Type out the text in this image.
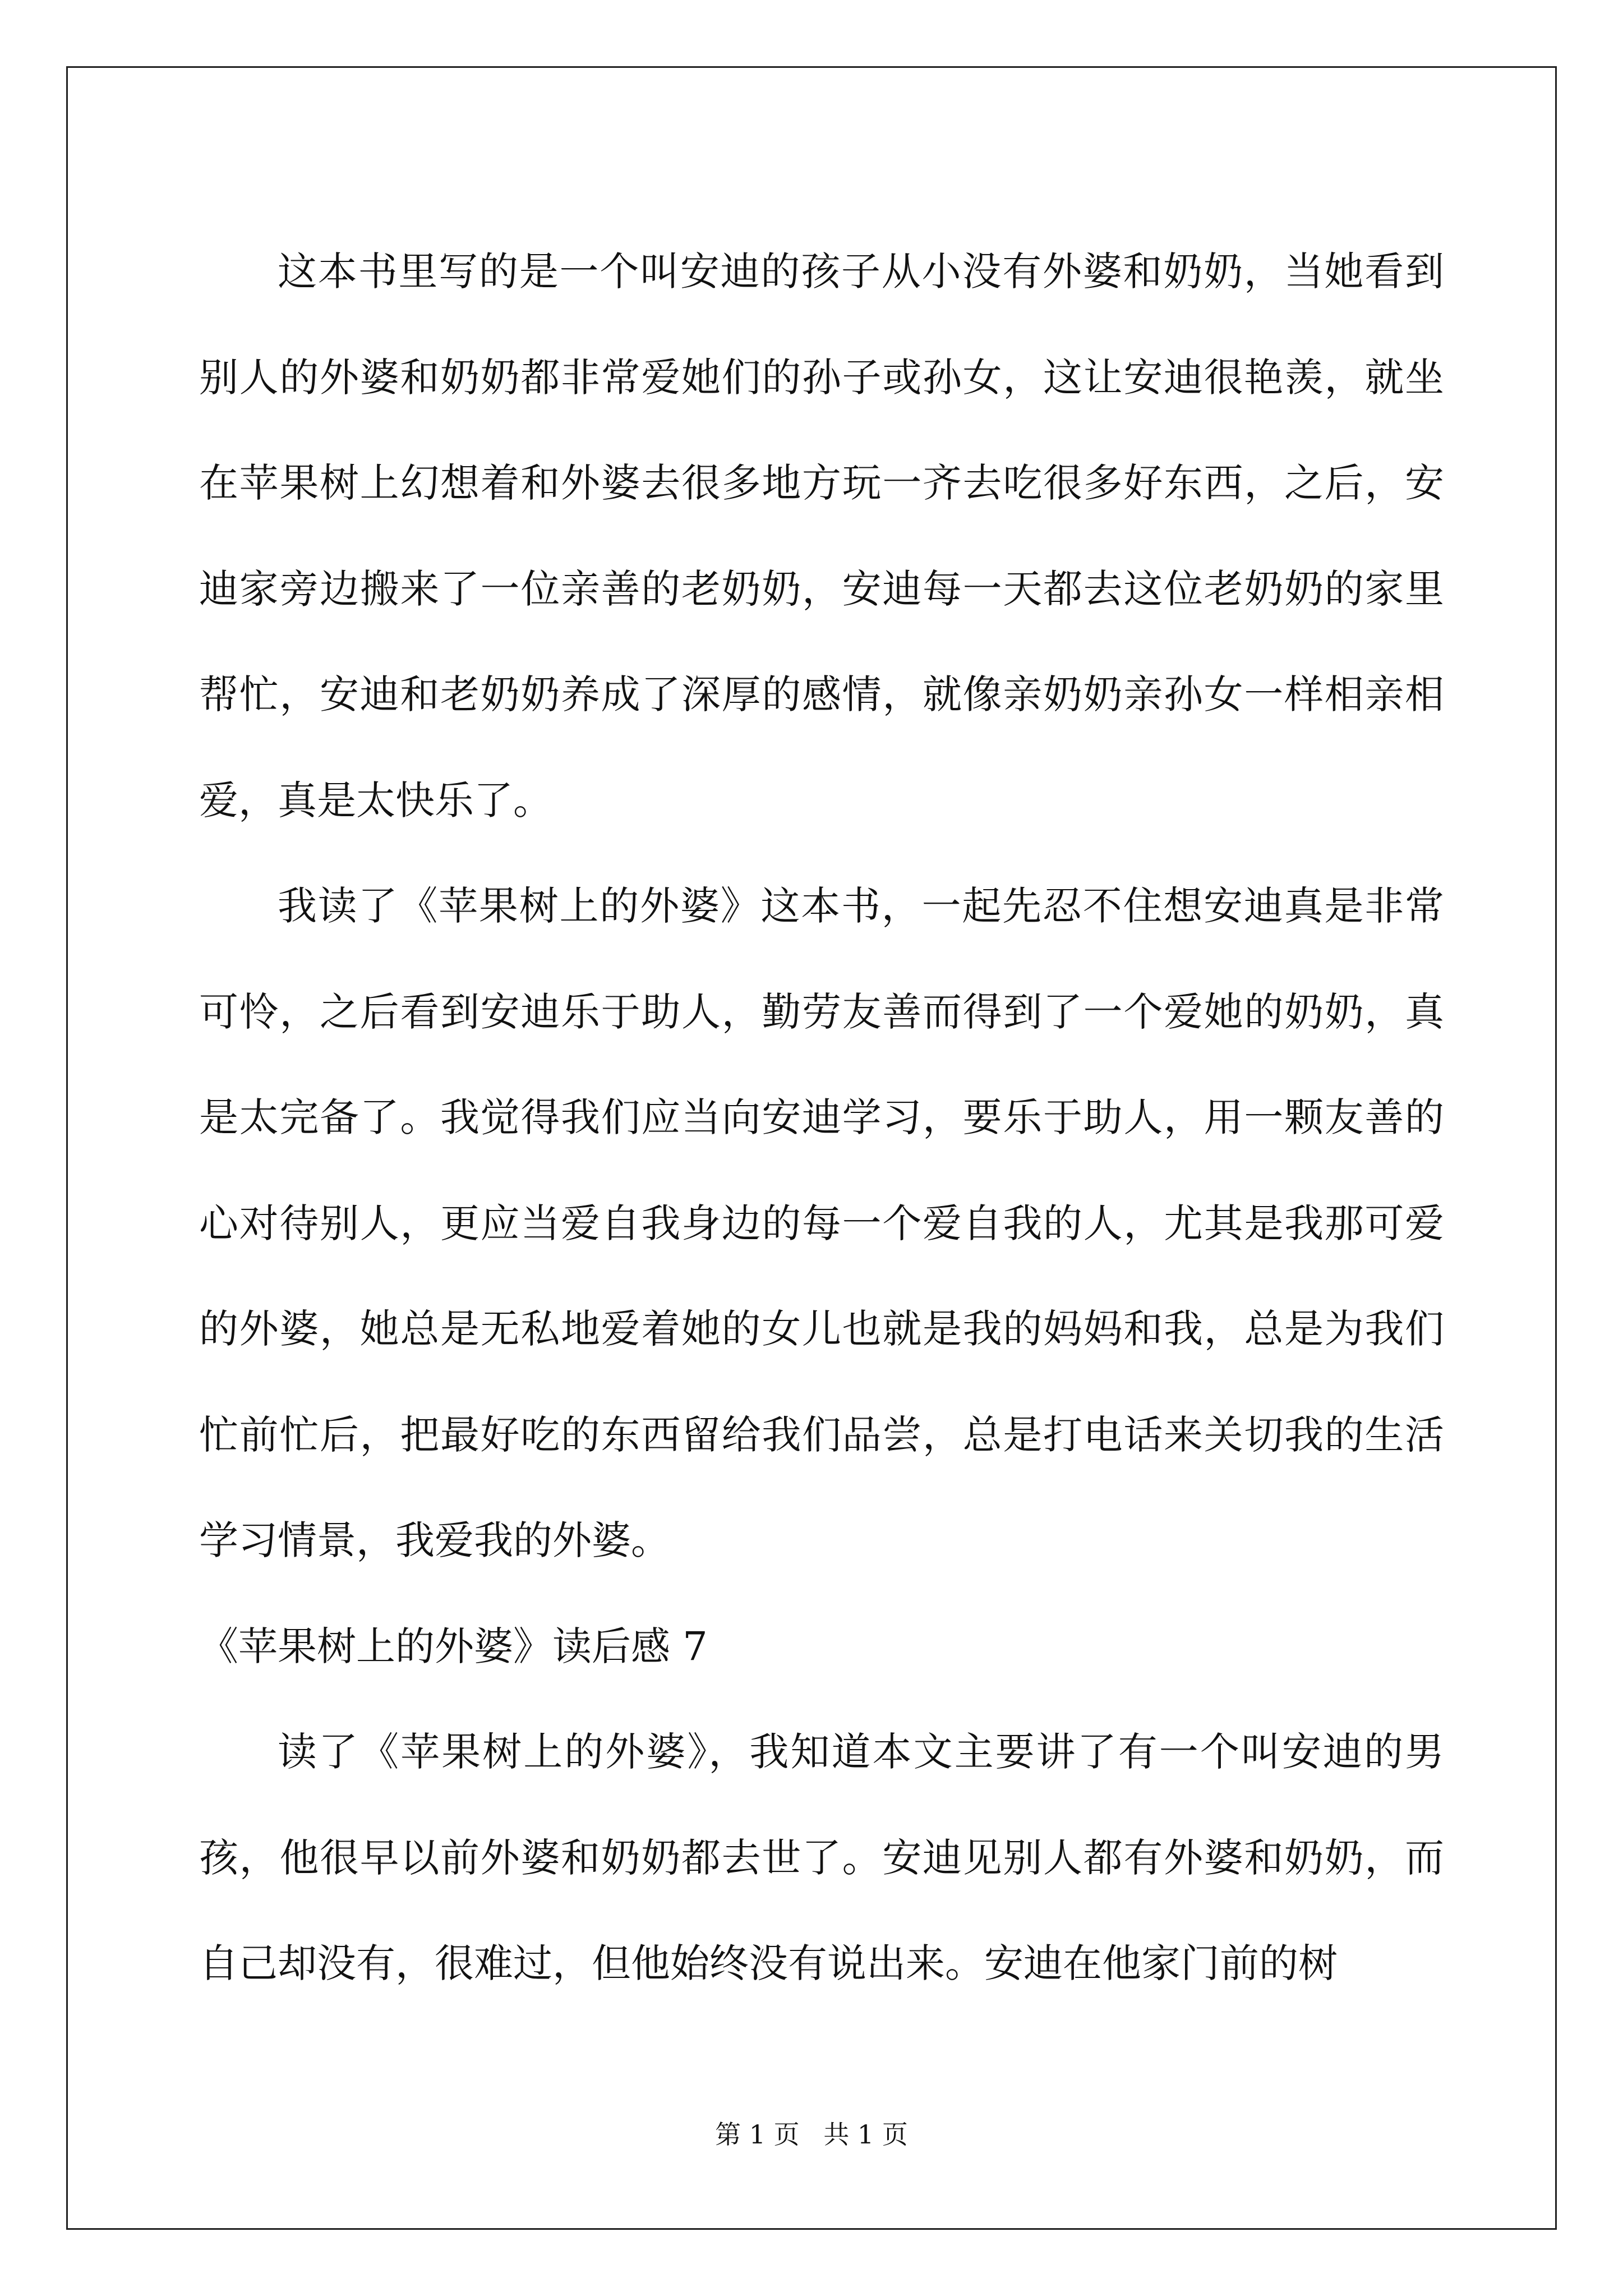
这本书里写的是一个叫安迪的孩子从小没有外婆和奶奶，当她看到别人的外婆和奶奶都非常爱她们的孙子或孙女，这让安迪很艳羡，就坐在苹果树上幻想着和外婆去很多地方玩一齐去吃很多好东西，之后，安迪家旁边搬来了一位亲善的老奶奶，安迪每一天都去这位老奶奶的家里帮忙，安迪和老奶奶养成了深厚的感情，就像亲奶奶亲孙女一样相亲相爱，真是太快乐了。

我读了《苹果树上的外婆》这本书，一起先忍不住想安迪真是非常可怜，之后看到安迪乐于助人，勤劳友善而得到了一个爱她的奶奶，真是太完备了。我觉得我们应当向安迪学习，要乐于助人，用一颗友善的心对待别人，更应当爱自我身边的每一个爱自我的人，尤其是我那可爱的外婆，她总是无私地爱着她的女儿也就是我的妈妈和我，总是为我们忙前忙后，把最好吃的东西留给我们品尝，总是打电话来关切我的生活学习情景，我爱我的外婆。

《苹果树上的外婆》读后感 7

读了《苹果树上的外婆》，我知道本文主要讲了有一个叫安迪的男孩，他很早以前外婆和奶奶都去世了。安迪见别人都有外婆和奶奶，而自己却没有，很难过，但他始终没有说出来。安迪在他家门前的树

第 1 页 共 1 页
